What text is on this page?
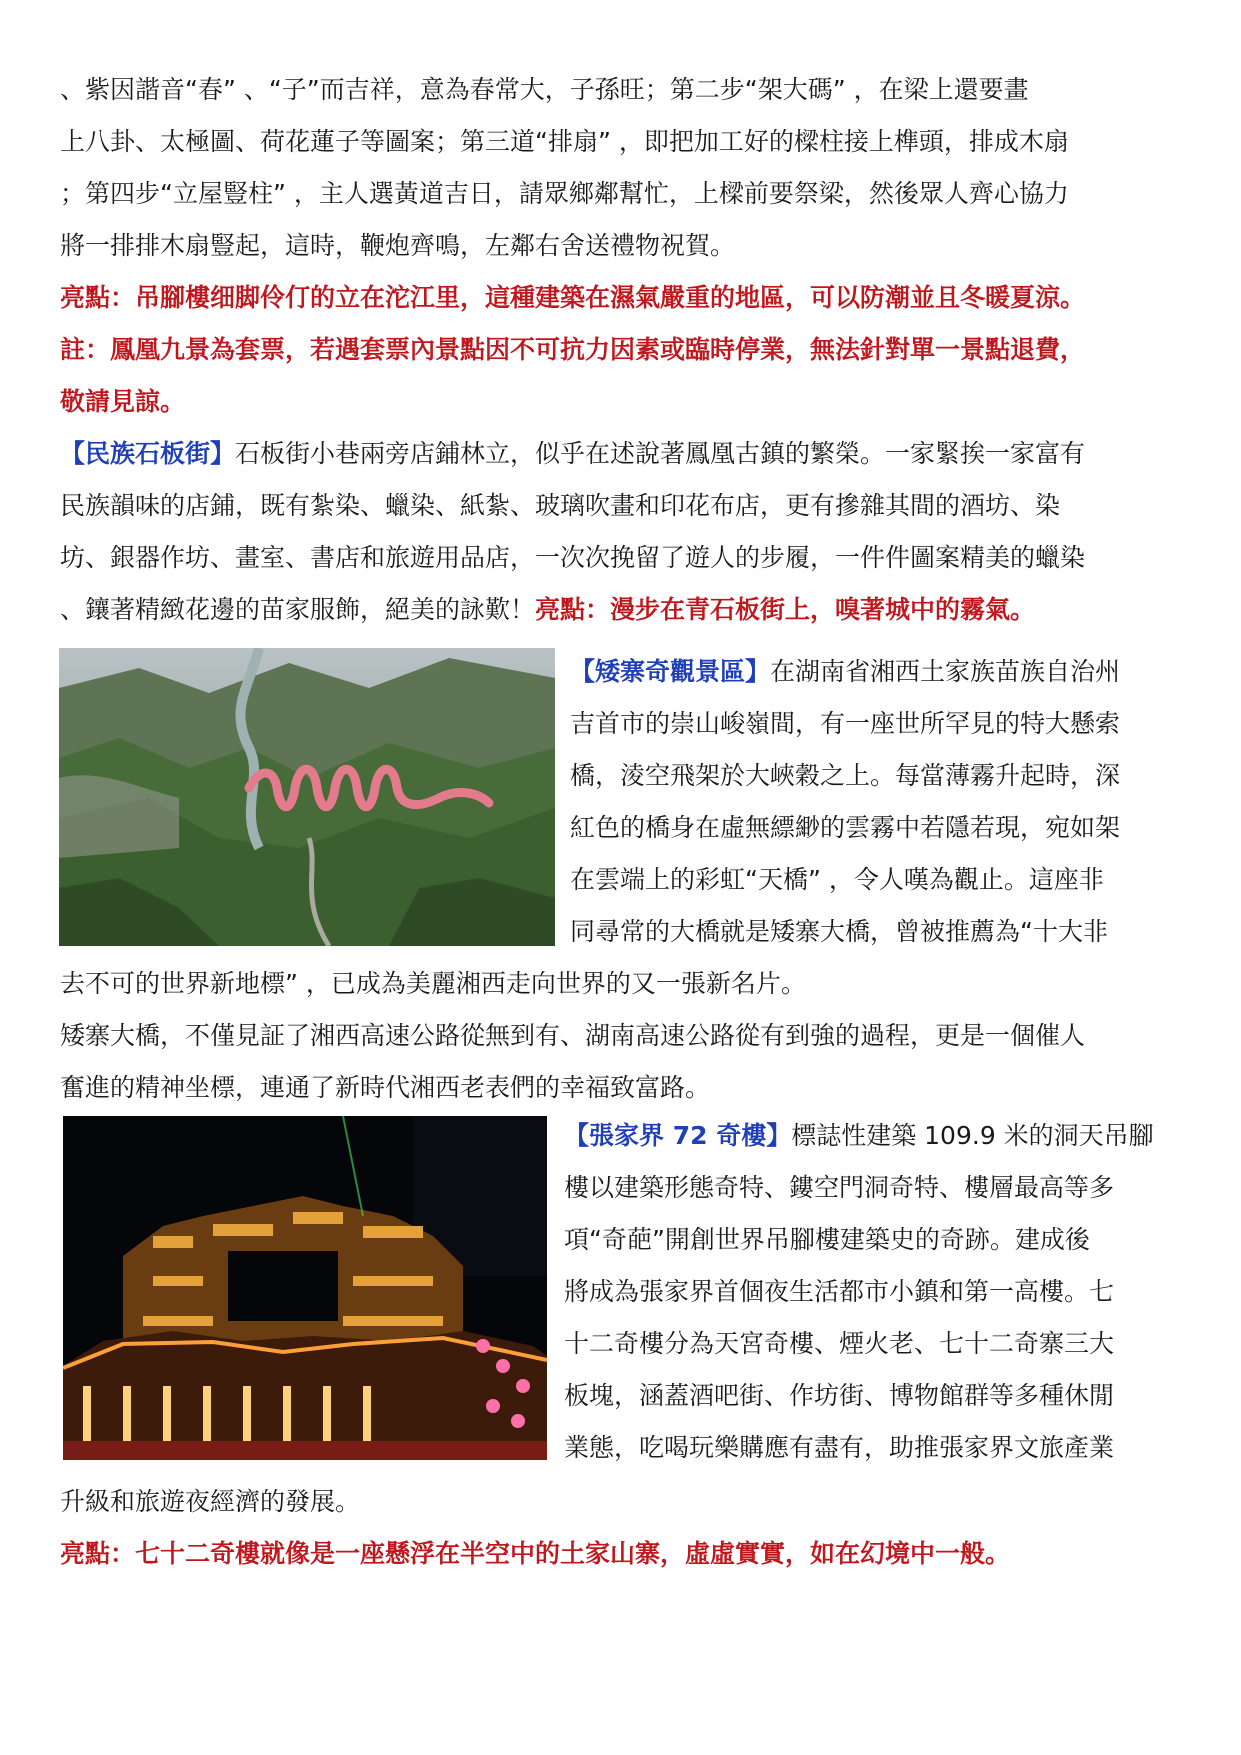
、紫因諧音“春” 、“子”而吉祥，意為春常大，子孫旺；第二步“架大碼” ，在梁上還要畫
上八卦、太極圖、荷花蓮子等圖案；第三道“排扇” ，即把加工好的樑柱接上榫頭，排成木扇
；第四步“立屋豎柱” ，主人選黃道吉日，請眾鄉鄰幫忙，上樑前要祭梁，然後眾人齊心協力
將一排排木扇豎起，這時，鞭炮齊鳴，左鄰右舍送禮物祝賀。
亮點：吊腳樓细脚伶仃的立在沱江里，這種建築在濕氣嚴重的地區，可以防潮並且冬暖夏涼。
註：鳳凰九景為套票，若遇套票內景點因不可抗力因素或臨時停業，無法針對單一景點退費，
敬請見諒。
【民族石板街】石板街小巷兩旁店鋪林立，似乎在述說著鳳凰古鎮的繁榮。一家緊挨一家富有
民族韻味的店鋪，既有紮染、蠟染、紙紮、玻璃吹畫和印花布店，更有摻雜其間的酒坊、染
坊、銀器作坊、畫室、書店和旅遊用品店，一次次挽留了遊人的步履，一件件圖案精美的蠟染
、鑲著精緻花邊的苗家服飾，絕美的詠歎！亮點：漫步在青石板街上，嗅著城中的霧氣。
【矮寨奇觀景區】在湖南省湘西土家族苗族自治州
吉首市的崇山峻嶺間，有一座世所罕見的特大懸索
橋，淩空飛架於大峽穀之上。每當薄霧升起時，深
紅色的橋身在虛無縹緲的雲霧中若隱若現，宛如架
在雲端上的彩虹“天橋” ，令人嘆為觀止。這座非
同尋常的大橋就是矮寨大橋，曾被推薦為“十大非
去不可的世界新地標” ，已成為美麗湘西走向世界的又一張新名片。
矮寨大橋，不僅見証了湘西高速公路從無到有、湖南高速公路從有到強的過程，更是一個催人
奮進的精神坐標，連通了新時代湘西老表們的幸福致富路。
【張家界 72 奇樓】標誌性建築 109.9 米的洞天吊腳
樓以建築形態奇特、鏤空門洞奇特、樓層最高等多
項“奇葩”開創世界吊腳樓建築史的奇跡。建成後
將成為張家界首個夜生活都市小鎮和第一高樓。七
十二奇樓分為天宮奇樓、煙火老、七十二奇寨三大
板塊，涵蓋酒吧街、作坊街、博物館群等多種休閒
業態，吃喝玩樂購應有盡有，助推張家界文旅產業
升級和旅遊夜經濟的發展。
亮點：七十二奇樓就像是一座懸浮在半空中的土家山寨，虛虛實實，如在幻境中一般。
